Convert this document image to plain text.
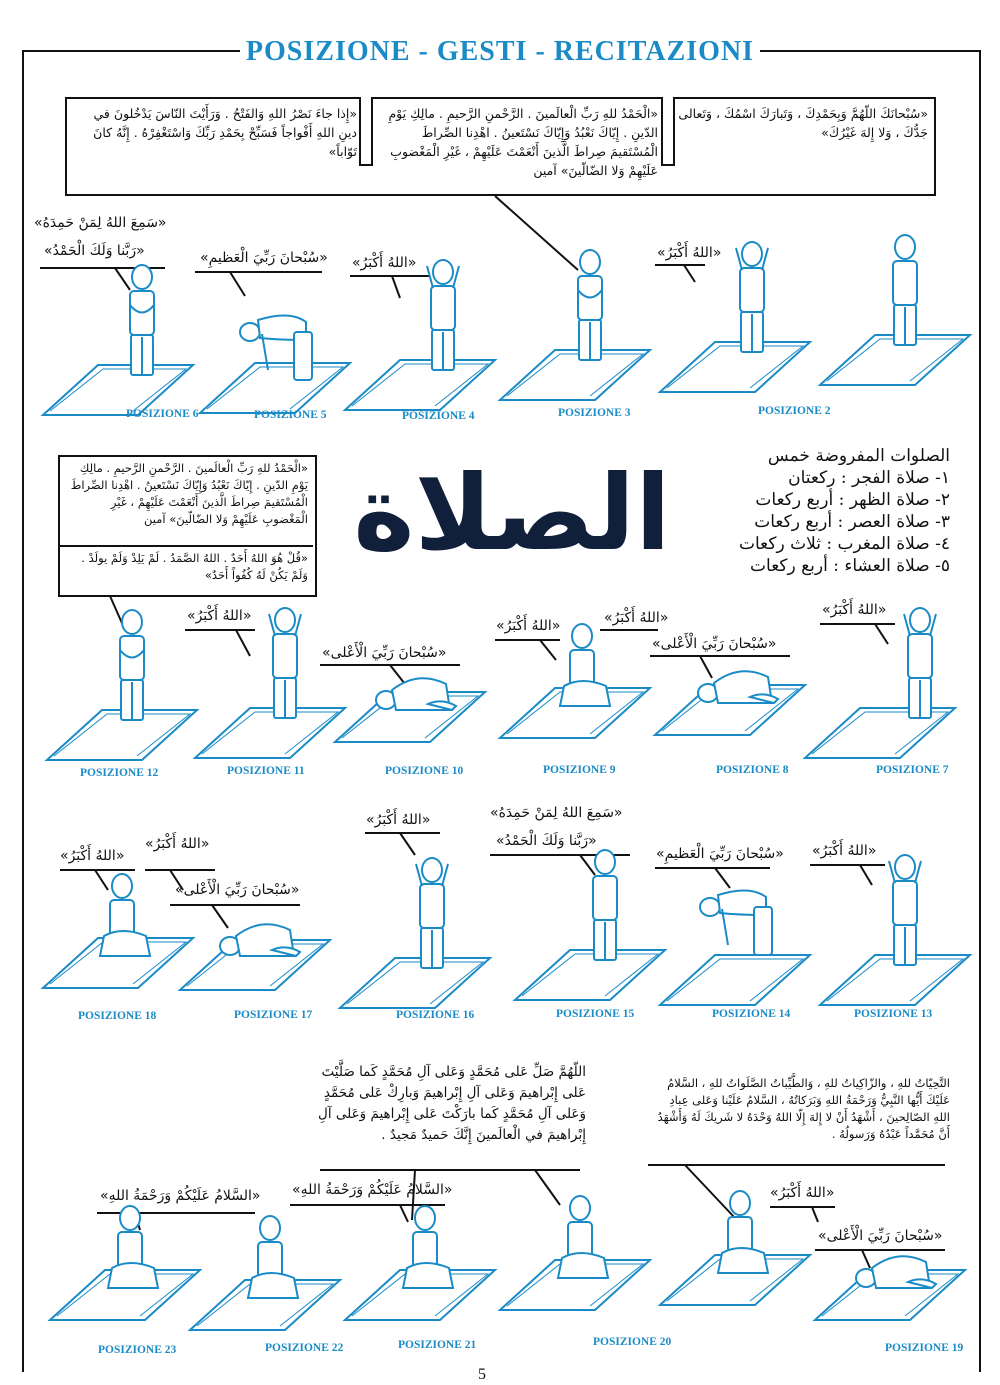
POSIZIONE - GESTI - RECITAZIONI
«إِذا جاءَ نَصْرُ اللهِ وَالفَتْحُ . وَرَأَيْتَ النّاسَ يَدْخُلونَ في دينِ اللهِ أَفْواجاً فَسَبِّحْ بِحَمْدِ رَبِّكَ وَاسْتَغْفِرْهُ . إِنَّهُ كانَ تَوّاباً»
«الْحَمْدُ للهِ رَبِّ الْعالَمينَ . الرَّحْمنِ الرَّحيمِ . مالِكِ يَوْمِ الدّينِ . إِيّاكَ نَعْبُدُ وَإِيّاكَ نَسْتَعينُ . اهْدِنا الصِّراطَ الْمُسْتَقيمَ صِراطَ الَّذينَ أَنْعَمْتَ عَلَيْهِمْ ، غَيْرِ الْمَغْضوبِ عَلَيْهِمْ وَلا الضّالّينَ» آمين
«سُبْحانَكَ اللّهُمَّ وَبِحَمْدِكَ ، وَتَبارَكَ اسْمُكَ ، وَتَعالى جَدُّكَ ، وَلا إِلهَ غَيْرُكَ»
«الْحَمْدُ للهِ رَبِّ الْعالَمينَ . الرَّحْمنِ الرَّحيمِ . مالِكِ يَوْمِ الدّينِ . إِيّاكَ نَعْبُدُ وَإِيّاكَ نَسْتَعينُ . اهْدِنا الصِّراطَ الْمُسْتَقيمَ صِراطَ الَّذينَ أَنْعَمْتَ عَلَيْهِمْ ، غَيْرِ الْمَغْضوبِ عَلَيْهِمْ وَلا الضّالّينَ» آمين
«قُلْ هُوَ اللهُ أَحَدٌ . اللهُ الصَّمَدُ . لَمْ يَلِدْ وَلَمْ يولَدْ . وَلَمْ يَكُنْ لَهُ كُفُواً أَحَدٌ»
الصلاة	الصلوات المفروضة خمس
١- صلاة الفجر : ركعتان
٢- صلاة الظهر : أربع ركعات
٣- صلاة العصر : أربع ركعات
٤- صلاة المغرب : ثلاث ركعات
٥- صلاة العشاء : أربع ركعات
اللّهُمَّ صَلِّ عَلى مُحَمَّدٍ وَعَلى آلِ مُحَمَّدٍ كَما صَلَّيْتَ عَلى إِبْراهيمَ وَعَلى آلِ إِبْراهيمَ وَبارِكْ عَلى مُحَمَّدٍ وَعَلى آلِ مُحَمَّدٍ كَما بارَكْتَ عَلى إِبْراهيمَ وَعَلى آلِ إِبْراهيمَ في الْعالَمينَ إِنَّكَ حَميدٌ مَجيدٌ .
التَّحِيّاتُ للهِ ، والزّاكِياتُ للهِ ، وَالطَّيِّباتُ الصَّلَواتُ للهِ ، السَّلامُ عَلَيْكَ أَيُّها النَّبِيُّ وَرَحْمَةُ اللهِ وَبَرَكاتُهُ ، السَّلامُ عَلَيْنا وَعَلى عِبادِ اللهِ الصّالِحينَ ، أَشْهَدُ أَنْ لا إِلهَ إِلّا اللهُ وَحْدَهُ لا شَريكَ لَهُ وَأَشْهَدُ أَنَّ مُحَمَّداً عَبْدُهُ وَرَسولُهُ .
«سَمِعَ اللهُ لِمَنْ حَمِدَهُ»
«رَبَّنا وَلَكَ الْحَمْدُ»	«سُبْحانَ رَبِّيَ الْعَظيمِ» «اللهُ أَكْبَرُ»
«اللهُ أَكْبَرُ»
«اللهُ أَكْبَرُ»
«سُبْحانَ رَبِّيَ الْأَعْلى»
«اللهُ أَكْبَرُ»	«اللهُ أَكْبَرُ»
«سُبْحانَ رَبِّيَ الْأَعْلى»
«اللهُ أَكْبَرُ»
«اللهُ أَكْبَرُ»
«اللهُ أَكْبَرُ»
«سُبْحانَ رَبِّيَ الْأَعْلى»
«اللهُ أَكْبَرُ»	«سَمِعَ اللهُ لِمَنْ حَمِدَهُ»
«رَبَّنا وَلَكَ الْحَمْدُ»
«سُبْحانَ رَبِّيَ الْعَظيمِ» «اللهُ أَكْبَرُ»
«السَّلامُ عَلَيْكُمْ وَرَحْمَةُ اللهِ» «السَّلامُ عَلَيْكُمْ وَرَحْمَةُ اللهِ»	«اللهُ أَكْبَرُ»
«سُبْحانَ رَبِّيَ الْأَعْلى»
POSIZIONE 2
POSIZIONE 3
POSIZIONE 4
POSIZIONE 5
POSIZIONE 6
POSIZIONE 7
POSIZIONE 8
POSIZIONE 9
POSIZIONE 10
POSIZIONE 11
POSIZIONE 12
POSIZIONE 13
POSIZIONE 14
POSIZIONE 15
POSIZIONE 16
POSIZIONE 17
POSIZIONE 18
POSIZIONE 19
POSIZIONE 20
POSIZIONE 21
POSIZIONE 22
POSIZIONE 23
5
